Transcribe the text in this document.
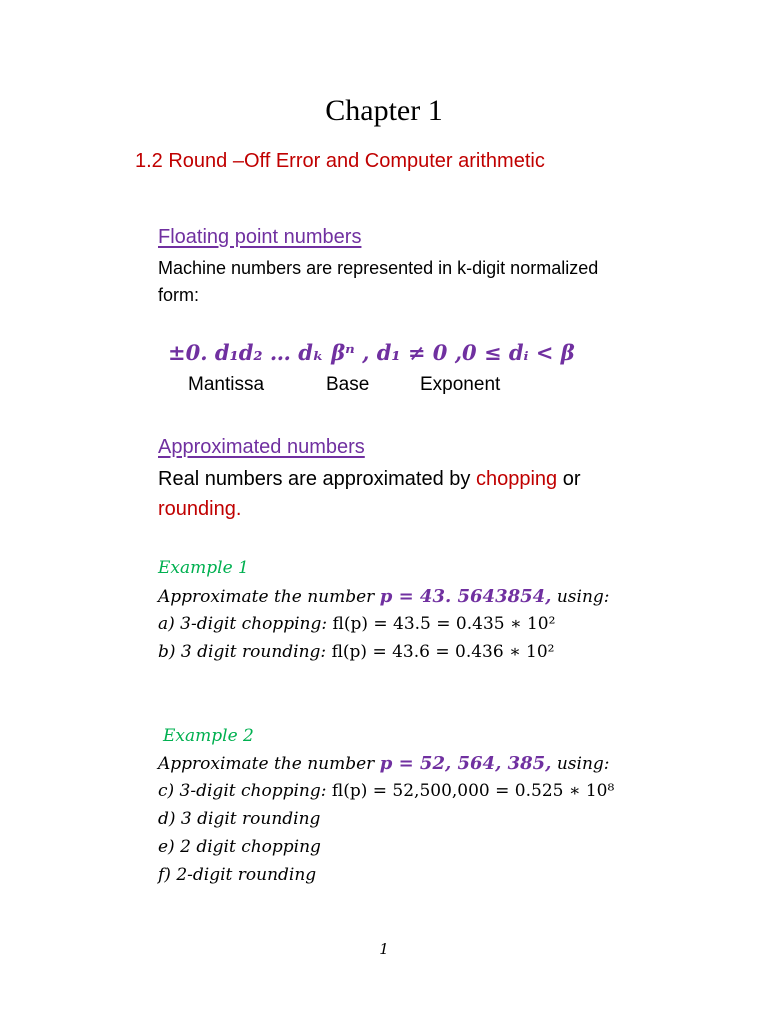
Chapter 1
1.2 Round –Off Error and Computer arithmetic
Floating point numbers
Machine numbers are represented in k-digit normalized
form:
±0. d₁d₂ … dₖ βⁿ , d₁ ≠ 0 ,0 ≤ dᵢ < β
Mantissa	Base	Exponent
Approximated numbers
Real numbers are approximated by chopping or
rounding.
Example 1
Approximate the number p = 43. 5643854, using:
a) 3-digit chopping: fl(p) = 43.5 = 0.435 ∗ 10²
b) 3 digit rounding: fl(p) = 43.6 = 0.436 ∗ 10²
Example 2
Approximate the number p = 52, 564, 385, using:
c) 3-digit chopping: fl(p) = 52,500,000 = 0.525 ∗ 10⁸
d) 3 digit rounding
e) 2 digit chopping
f) 2-digit rounding
1
